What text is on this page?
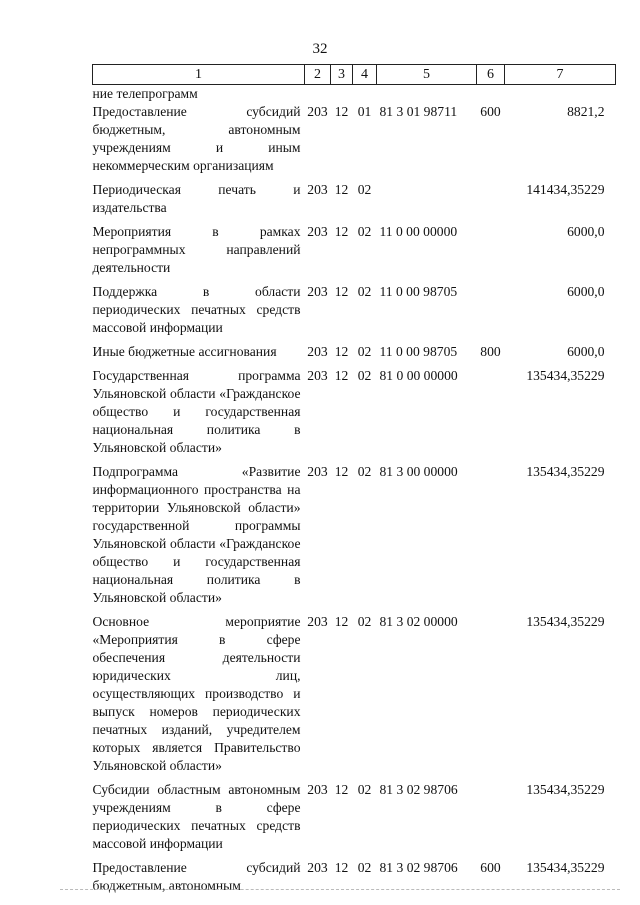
32
1	2	3	4	5	6	7
ние телепрограмм						
Предоставление субсидий бюджетным, автономным учреждениям и иным некоммерческим организациям	203	12	01	81 3 01 98711	600	8821,2
Периодическая печать и издательства	203	12	02			141434,35229
Мероприятия в рамках непрограммных направлений деятельности	203	12	02	11 0 00 00000		6000,0
Поддержка в области периодических печатных средств массовой информации	203	12	02	11 0 00 98705		6000,0
Иные бюджетные ассигнования	203	12	02	11 0 00 98705	800	6000,0
Государственная программа Ульяновской области «Гражданское общество и государственная национальная политика в Ульяновской области»	203	12	02	81 0 00 00000		135434,35229
Подпрограмма «Развитие информационного пространства на территории Ульяновской области» государственной программы Ульяновской области «Гражданское общество и государственная национальная политика в Ульяновской области»	203	12	02	81 3 00 00000		135434,35229
Основное мероприятие «Мероприятия в сфере обеспечения деятельности юридических лиц, осуществляющих производство и выпуск номеров периодических печатных изданий, учредителем которых является Правительство Ульяновской области»	203	12	02	81 3 02 00000		135434,35229
Субсидии областным автономным учреждениям в сфере периодических печатных средств массовой информации	203	12	02	81 3 02 98706		135434,35229
Предоставление субсидий бюджетным, автономным	203	12	02	81 3 02 98706	600	135434,35229
